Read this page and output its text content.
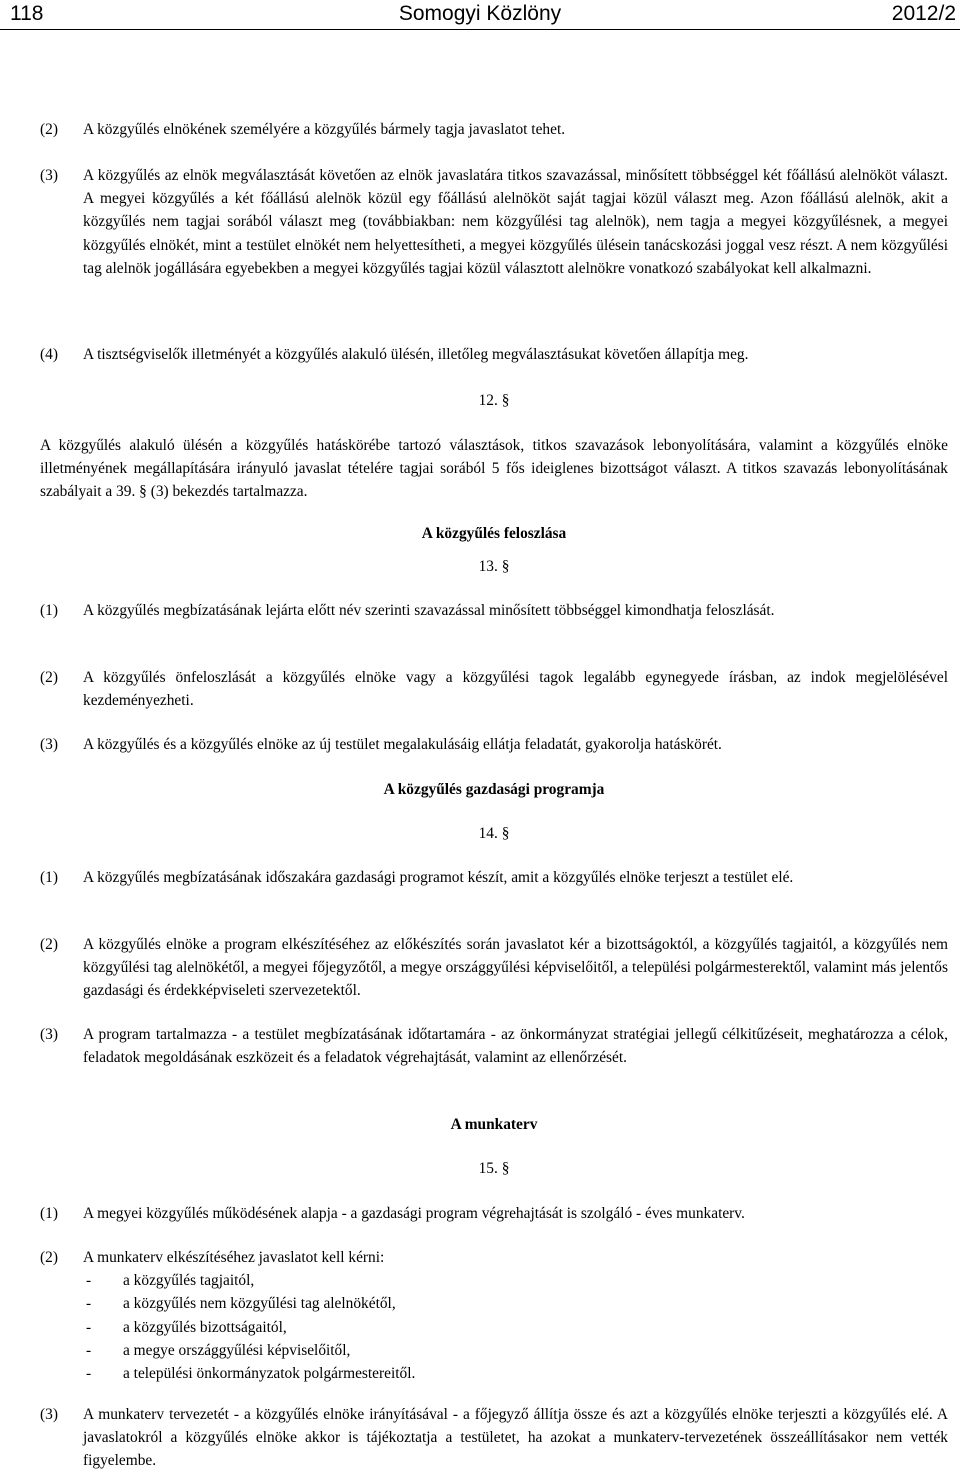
Somogyi Közlöny
118	2012/2
(2)	A közgyűlés elnökének személyére a közgyűlés bármely tagja javaslatot tehet.
(3)	A közgyűlés az elnök megválasztását követően az elnök javaslatára titkos szavazással, minősített többséggel két főállású alelnököt választ. A megyei közgyűlés a két főállású alelnök közül egy főállású alelnököt saját tagjai közül választ meg. Azon főállású alelnök, akit a közgyűlés nem tagjai sorából választ meg (továbbiakban: nem közgyűlési tag alelnök), nem tagja a megyei közgyűlésnek, a megyei közgyűlés elnökét, mint a testület elnökét nem helyettesítheti, a megyei közgyűlés ülésein tanácskozási joggal vesz részt. A nem közgyűlési tag alelnök jogállására egyebekben a megyei közgyűlés tagjai közül választott alelnökre vonatkozó szabályokat kell alkalmazni.
(4)	A tisztségviselők illetményét a közgyűlés alakuló ülésén, illetőleg megválasztásukat követően állapítja meg.
12. §
A közgyűlés alakuló ülésén a közgyűlés hatáskörébe tartozó választások, titkos szavazások lebonyolítására, valamint a közgyűlés elnöke illetményének megállapítására irányuló javaslat tételére tagjai sorából 5 fős ideiglenes bizottságot választ. A titkos szavazás lebonyolításának szabályait a 39. § (3) bekezdés tartalmazza.
A közgyűlés feloszlása
13. §
(1)	A közgyűlés megbízatásának lejárta előtt név szerinti szavazással minősített többséggel kimondhatja feloszlását.
(2)	A közgyűlés önfeloszlását a közgyűlés elnöke vagy a közgyűlési tagok legalább egynegyede írásban, az indok megjelölésével kezdeményezheti.
(3)	A közgyűlés és a közgyűlés elnöke az új testület megalakulásáig ellátja feladatát, gyakorolja hatáskörét.
A közgyűlés gazdasági programja
14. §
(1)	A közgyűlés megbízatásának időszakára gazdasági programot készít, amit a közgyűlés elnöke terjeszt a testület elé.
(2)	A közgyűlés elnöke a program elkészítéséhez az előkészítés során javaslatot kér a bizottságoktól, a közgyűlés tagjaitól, a közgyűlés nem közgyűlési tag alelnökétől, a megyei főjegyzőtől, a megye országgyűlési képviselőitől, a települési polgármesterektől, valamint más jelentős gazdasági és érdekképviseleti szervezetektől.
(3)	A program tartalmazza - a testület megbízatásának időtartamára - az önkormányzat stratégiai jellegű célkitűzéseit, meghatározza a célok, feladatok megoldásának eszközeit és a feladatok végrehajtását, valamint az ellenőrzését.
A munkaterv
15. §
(1)	A megyei közgyűlés működésének alapja - a gazdasági program végrehajtását is szolgáló - éves munkaterv.
(2)	A munkaterv elkészítéséhez javaslatot kell kérni:
-	a közgyűlés tagjaitól,
-	a közgyűlés nem közgyűlési tag alelnökétől,
-	a közgyűlés bizottságaitól,
-	a megye országgyűlési képviselőitől,
-	a települési önkormányzatok polgármestereitől.
(3)	A munkaterv tervezetét - a közgyűlés elnöke irányításával - a főjegyző állítja össze és azt a közgyűlés elnöke terjeszti a közgyűlés elé. A javaslatokról a közgyűlés elnöke akkor is tájékoztatja a testületet, ha azokat a munkaterv-tervezetének összeállításakor nem vették figyelembe.
